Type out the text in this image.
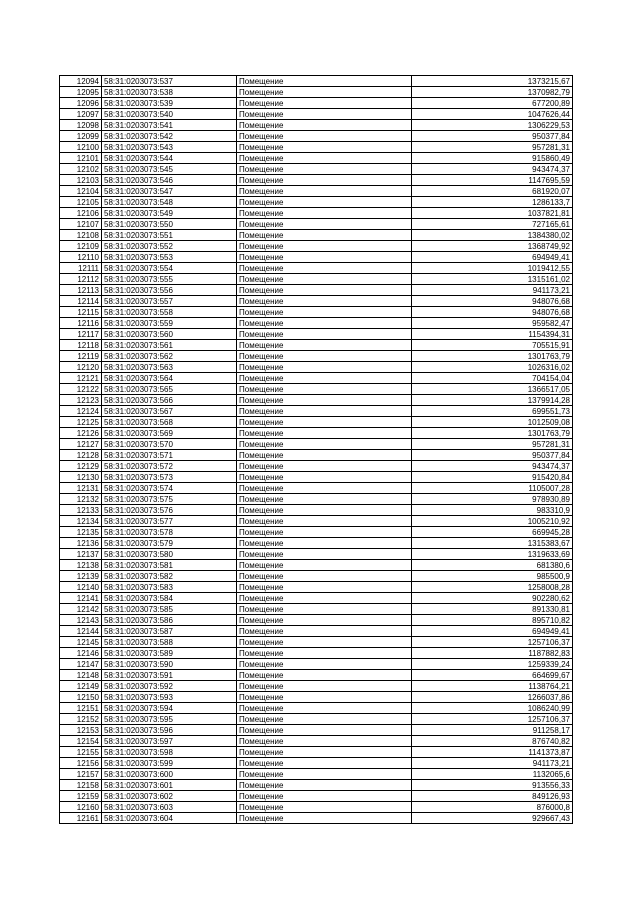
12094	58:31:0203073:537	Помещение	1373215,67
12095	58:31:0203073:538	Помещение	1370982,79
12096	58:31:0203073:539	Помещение	677200,89
12097	58:31:0203073:540	Помещение	1047626,44
12098	58:31:0203073:541	Помещение	1306229,53
12099	58:31:0203073:542	Помещение	950377,84
12100	58:31:0203073:543	Помещение	957281,31
12101	58:31:0203073:544	Помещение	915860,49
12102	58:31:0203073:545	Помещение	943474,37
12103	58:31:0203073:546	Помещение	1147695,59
12104	58:31:0203073:547	Помещение	681920,07
12105	58:31:0203073:548	Помещение	1286133,7
12106	58:31:0203073:549	Помещение	1037821,81
12107	58:31:0203073:550	Помещение	727165,61
12108	58:31:0203073:551	Помещение	1384380,02
12109	58:31:0203073:552	Помещение	1368749,92
12110	58:31:0203073:553	Помещение	694949,41
12111	58:31:0203073:554	Помещение	1019412,55
12112	58:31:0203073:555	Помещение	1315161,02
12113	58:31:0203073:556	Помещение	941173,21
12114	58:31:0203073:557	Помещение	948076,68
12115	58:31:0203073:558	Помещение	948076,68
12116	58:31:0203073:559	Помещение	959582,47
12117	58:31:0203073:560	Помещение	1154394,31
12118	58:31:0203073:561	Помещение	705515,91
12119	58:31:0203073:562	Помещение	1301763,79
12120	58:31:0203073:563	Помещение	1026316,02
12121	58:31:0203073:564	Помещение	704154,04
12122	58:31:0203073:565	Помещение	1366517,05
12123	58:31:0203073:566	Помещение	1379914,28
12124	58:31:0203073:567	Помещение	699551,73
12125	58:31:0203073:568	Помещение	1012509,08
12126	58:31:0203073:569	Помещение	1301763,79
12127	58:31:0203073:570	Помещение	957281,31
12128	58:31:0203073:571	Помещение	950377,84
12129	58:31:0203073:572	Помещение	943474,37
12130	58:31:0203073:573	Помещение	915420,84
12131	58:31:0203073:574	Помещение	1105007,28
12132	58:31:0203073:575	Помещение	978930,89
12133	58:31:0203073:576	Помещение	983310,9
12134	58:31:0203073:577	Помещение	1005210,92
12135	58:31:0203073:578	Помещение	669945,28
12136	58:31:0203073:579	Помещение	1315383,67
12137	58:31:0203073:580	Помещение	1319633,69
12138	58:31:0203073:581	Помещение	681380,6
12139	58:31:0203073:582	Помещение	985500,9
12140	58:31:0203073:583	Помещение	1258008,28
12141	58:31:0203073:584	Помещение	902280,62
12142	58:31:0203073:585	Помещение	891330,81
12143	58:31:0203073:586	Помещение	895710,82
12144	58:31:0203073:587	Помещение	694949,41
12145	58:31:0203073:588	Помещение	1257106,37
12146	58:31:0203073:589	Помещение	1187882,83
12147	58:31:0203073:590	Помещение	1259339,24
12148	58:31:0203073:591	Помещение	664699,67
12149	58:31:0203073:592	Помещение	1138764,21
12150	58:31:0203073:593	Помещение	1266037,86
12151	58:31:0203073:594	Помещение	1086240,99
12152	58:31:0203073:595	Помещение	1257106,37
12153	58:31:0203073:596	Помещение	911258,17
12154	58:31:0203073:597	Помещение	876740,82
12155	58:31:0203073:598	Помещение	1141373,87
12156	58:31:0203073:599	Помещение	941173,21
12157	58:31:0203073:600	Помещение	1132065,6
12158	58:31:0203073:601	Помещение	913556,33
12159	58:31:0203073:602	Помещение	849126,93
12160	58:31:0203073:603	Помещение	876000,8
12161	58:31:0203073:604	Помещение	929667,43
